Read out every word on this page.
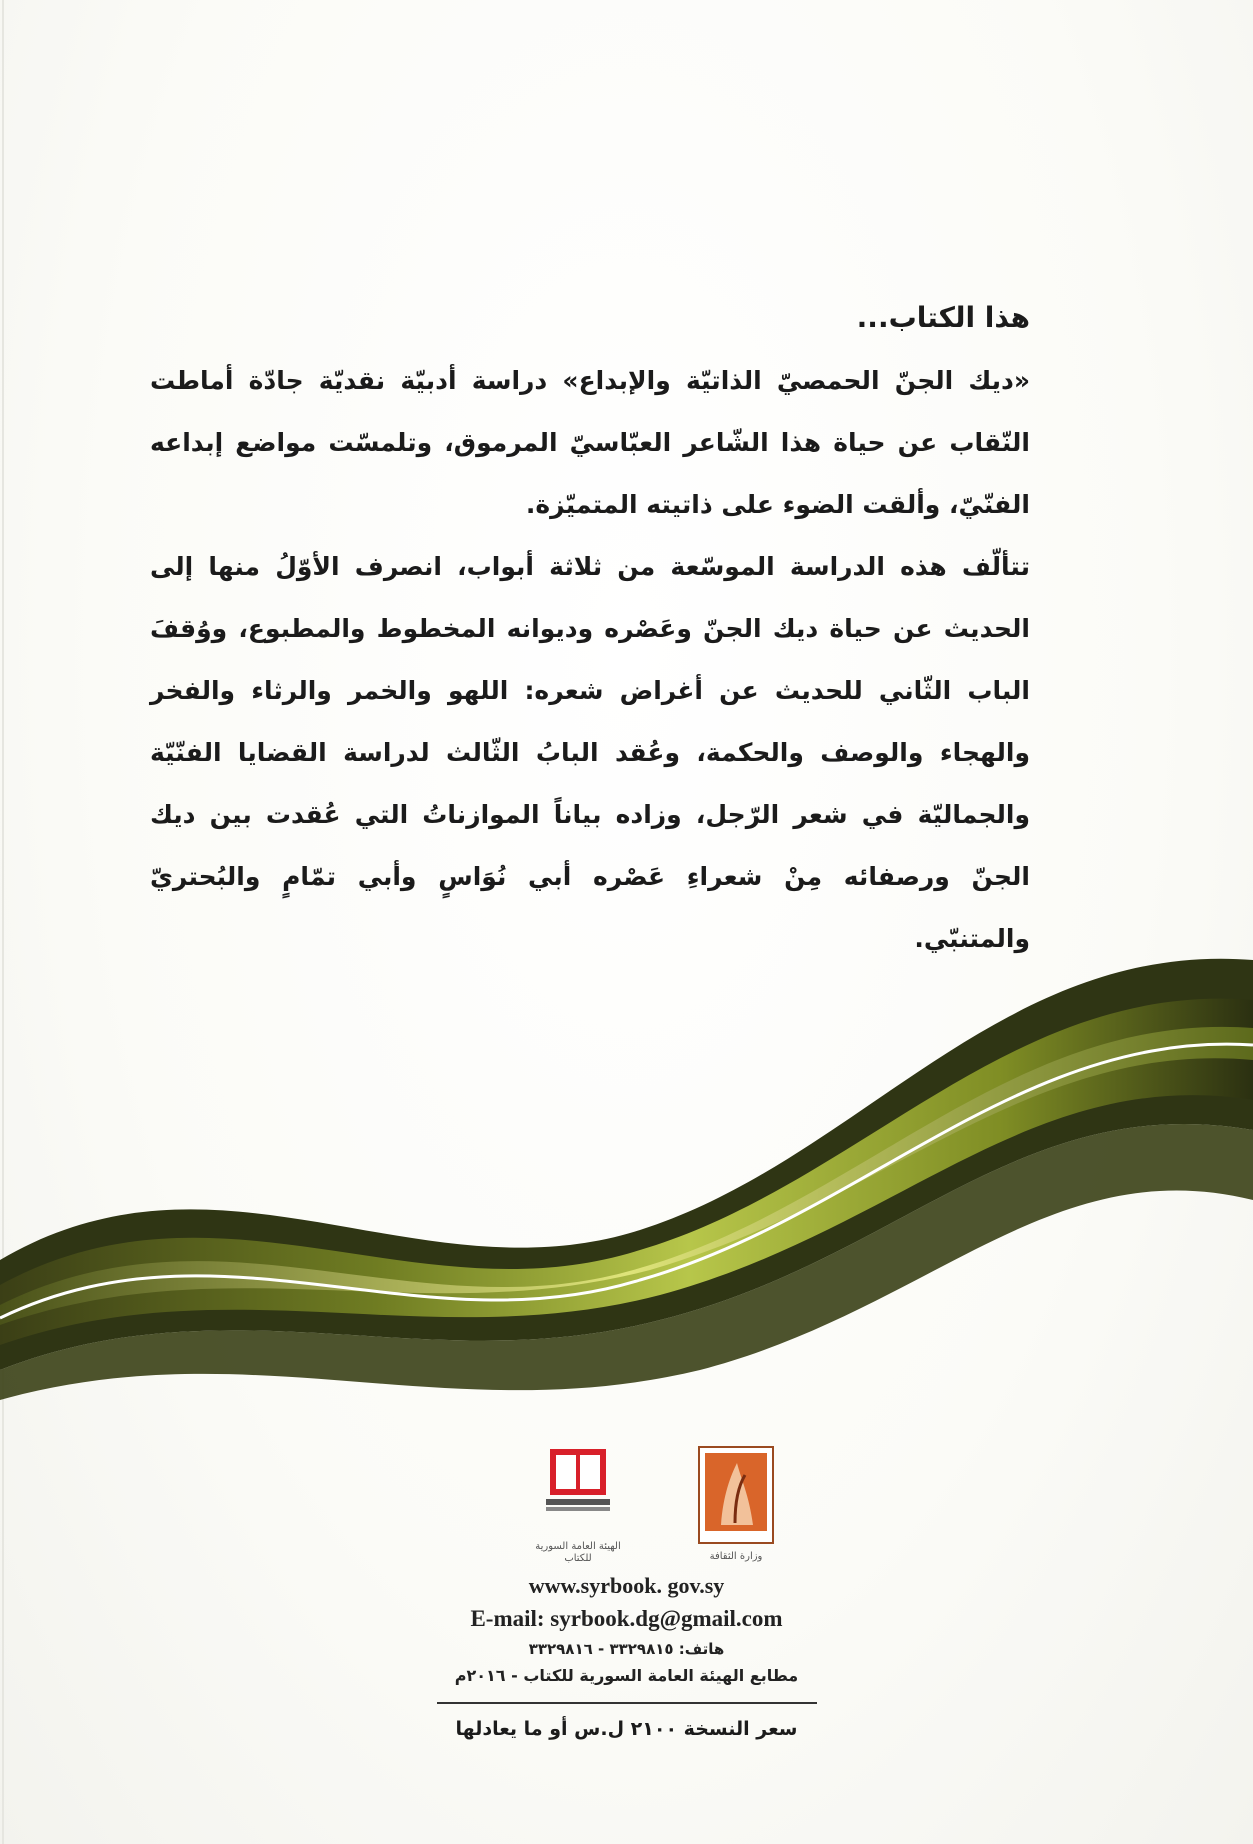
هذا الكتاب...

«ديك الجنّ الحمصيّ الذاتيّة والإبداع» دراسة أدبيّة نقديّة جادّة أماطت النّقاب عن حياة هذا الشّاعر العبّاسيّ المرموق، وتلمسّت مواضع إبداعه الفنّيّ، وألقت الضوء على ذاتيته المتميّزة.

تتألّف هذه الدراسة الموسّعة من ثلاثة أبواب، انصرف الأوّلُ منها إلى الحديث عن حياة ديك الجنّ وعَصْره وديوانه المخطوط والمطبوع، ووُقفَ الباب الثّاني للحديث عن أغراض شعره: اللهو والخمر والرثاء والفخر والهجاء والوصف والحكمة، وعُقد البابُ الثّالث لدراسة القضايا الفنّيّة والجماليّة في شعر الرّجل، وزاده بياناً الموازناتُ التي عُقدت بين ديك الجنّ ورصفائه مِنْ شعراءِ عَصْره أبي نُوَاسٍ وأبي تمّامٍ والبُحتريّ والمتنبّي.

الهيئة العامة السورية للكتاب	وزارة الثقافة
www.syrbook. gov.sy
E-mail: syrbook.dg@gmail.com
هاتف: ٣٣٢٩٨١٥ - ٣٣٢٩٨١٦
مطابع الهيئة العامة السورية للكتاب - ٢٠١٦م
سعر النسخة ٢١٠٠ ل.س أو ما يعادلها
